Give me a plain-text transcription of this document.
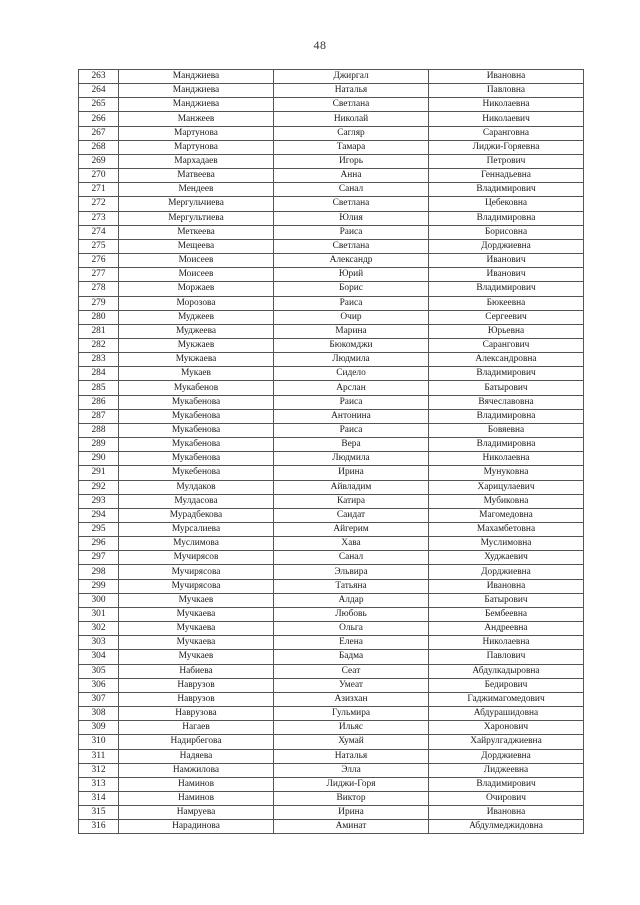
48
263	Манджиева	Джиргал	Ивановна
264	Манджиева	Наталья	Павловна
265	Манджиева	Светлана	Николаевна
266	Манжеев	Николай	Николаевич
267	Мартунова	Сагляр	Саранговна
268	Мартунова	Тамара	Лиджи-Горяевна
269	Мархадаев	Игорь	Петрович
270	Матвеева	Анна	Геннадьевна
271	Мендеев	Санал	Владимирович
272	Мергульчиева	Светлана	Цебековна
273	Мергультиева	Юлия	Владимировна
274	Меткеева	Раиса	Борисовна
275	Мещеева	Светлана	Дорджиевна
276	Моисеев	Александр	Иванович
277	Моисеев	Юрий	Иванович
278	Моржаев	Борис	Владимирович
279	Морозова	Раиса	Бюкеевна
280	Муджеев	Очир	Сергеевич
281	Муджеева	Марина	Юрьевна
282	Мукжаев	Бюкомджи	Сарангович
283	Мукжаева	Людмила	Александровна
284	Мукаев	Сидело	Владимирович
285	Мукабенов	Арслан	Батырович
286	Мукабенова	Раиса	Вячеславовна
287	Мукабенова	Антонина	Владимировна
288	Мукабенова	Раиса	Бовяевна
289	Мукабенова	Вера	Владимировна
290	Мукабенова	Людмила	Николаевна
291	Мукебенова	Ирина	Мунуковна
292	Мулдаков	Айвладим	Харицулаевич
293	Мулдасова	Катира	Мубиковна
294	Мурадбекова	Саидат	Магомедовна
295	Мурсалиева	Айгерим	Махамбетовна
296	Муслимова	Хава	Муслимовна
297	Мучирясов	Санал	Худжаевич
298	Мучирясова	Эльвира	Дорджиевна
299	Мучирясова	Татьяна	Ивановна
300	Мучкаев	Алдар	Батырович
301	Мучкаева	Любовь	Бембеевна
302	Мучкаева	Ольга	Андреевна
303	Мучкаева	Елена	Николаевна
304	Мучкаев	Бадма	Павлович
305	Набиева	Сеат	Абдулкадыровна
306	Наврузов	Умеат	Бедирович
307	Наврузов	Азизхан	Гаджимагомедович
308	Наврузова	Гульмира	Абдурашидовна
309	Нагаев	Ильяс	Харонович
310	Надирбегова	Хумай	Хайрулгаджиевна
311	Надяева	Наталья	Дорджиевна
312	Намжилова	Элла	Лиджеевна
313	Наминов	Лиджи-Горя	Владимирович
314	Наминов	Виктор	Очирович
315	Намруева	Ирина	Ивановна
316	Нарадинова	Аминат	Абдулмеджидовна
